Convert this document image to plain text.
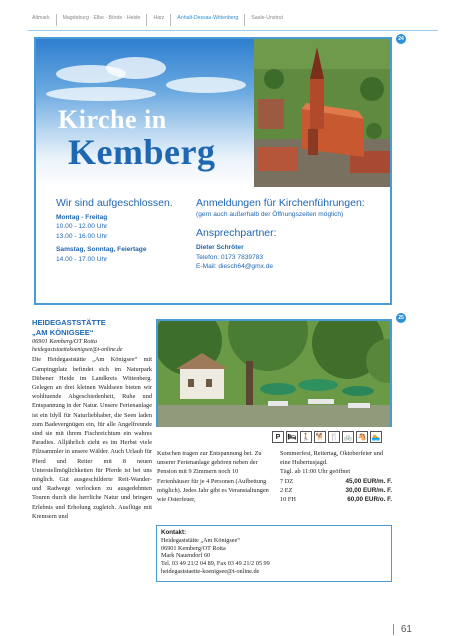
Altmark	Magdeburg · Elbe · Börde · Heide	Harz	Anhalt-Dessau-Wittenberg	Saale-Unstrut
24
Kirche in
Kemberg
Wir sind aufgeschlossen.
Montag - Freitag
10.00 - 12.00 Uhr
13.00 - 16.00 Uhr
Samstag, Sonntag, Feiertage
14.00 - 17.00 Uhr
Anmeldungen für Kirchenführungen:
(gern auch außerhalb der Öffnungszeiten möglich)
Ansprechpartner:
Dieter Schröter
Telefon: 0173 7839783
E-Mail: diesch64@gmx.de
25
HEIDEGASTSTÄTTE
„AM KÖNIGSEE“
06901 Kemberg/OT Rotta
heidegaststaettekoenigsee@t-online.de
Die Heidegaststätte „Am Königsee“ mit Campingplatz befindet sich im Naturpark Dübener Heide im Landkreis Wittenberg. Gelegen an drei kleinen Waldseen bieten wir wohltuende Abgeschiedenheit, Ruhe und Entspannung in der Natur. Unsere Ferienanlage ist ein Idyll für Naturliebhaber, die Seen laden zum Badevergnügen ein, für alle Angelfreunde sind sie mit ihrem Fischreichtum ein wahres Paradies. Alljährlich zieht es im Herbst viele Pilzsammler in unsere Wälder. Auch Urlaub für Pferd und Reiter mit 8 neuen Unterstellmöglichkeiten für Pferde ist bei uns möglich. Gut ausgeschilderte Reit-Wander- und Radwege verlocken zu ausgedehnten Touren durch die herrliche Natur und bringen Erlebnis und Erholung zugleich. Ausflüge mit Kremsern und
P	🛏 🚶 🐕 🍴 🚲 🐴 🏊
Kutschen tragen zur Entspannung bei. Zu unserer Ferienanlage gehören neben der Pension mit 9 Zimmern noch 10 Ferienhäuser für je 4 Personen (Aufbettung möglich). Jedes Jahr gibt es Veranstaltungen wie Osterfeuer,
Sommerfest, Reitertag, Oktoberfeier und eine Hubertusjagd.
Tägl. ab 11:00 Uhr geöffnet
7 DZ	45,00 EUR/m. F.
2 EZ	30,00 EUR/m. F.
10 FH	60,00 EUR/o. F.
Kontakt:
Heidegaststätte „Am Königsee“
06901 Kemberg/OT Rotta
Mark Nauendorf 60
Tel. 03 49 21/2 04 89, Fax 03 49 21/2 05 99
heidegaststaette-koenigsee@t-online.de
61
